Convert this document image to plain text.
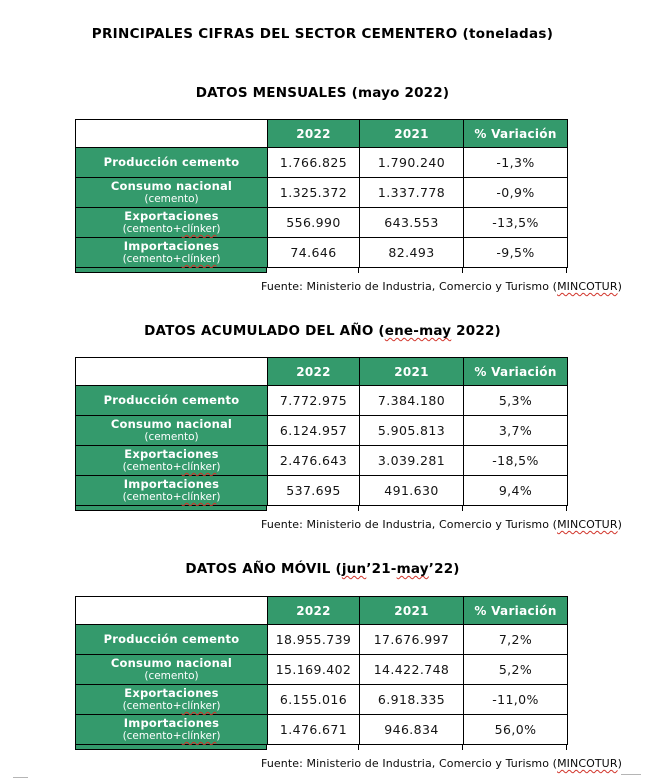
PRINCIPALES CIFRAS DEL SECTOR CEMENTERO (toneladas)
DATOS MENSUALES (mayo 2022)
	2022	2021	% Variación

Producción cemento	1.766.825	1.790.240	-1,3%

Consumo nacional
(cemento)	1.325.372	1.337.778	-0,9%

Exportaciones
(cemento+clínker)	556.990	643.553	-13,5%

Importaciones
(cemento+clínker)	74.646	82.493	-9,5%
Fuente: Ministerio de Industria, Comercio y Turismo (MINCOTUR)
DATOS ACUMULADO DEL AÑO (ene-may 2022)
	2022	2021	% Variación

Producción cemento	7.772.975	7.384.180	5,3%

Consumo nacional
(cemento)	6.124.957	5.905.813	3,7%

Exportaciones
(cemento+clínker)	2.476.643	3.039.281	-18,5%

Importaciones
(cemento+clínker)	537.695	491.630	9,4%
Fuente: Ministerio de Industria, Comercio y Turismo (MINCOTUR)
DATOS AÑO MÓVIL (jun’21-may’22)
	2022	2021	% Variación

Producción cemento	18.955.739	17.676.997	7,2%

Consumo nacional
(cemento)	15.169.402	14.422.748	5,2%

Exportaciones
(cemento+clínker)	6.155.016	6.918.335	-11,0%

Importaciones
(cemento+clínker)	1.476.671	946.834	56,0%
Fuente: Ministerio de Industria, Comercio y Turismo (MINCOTUR)
